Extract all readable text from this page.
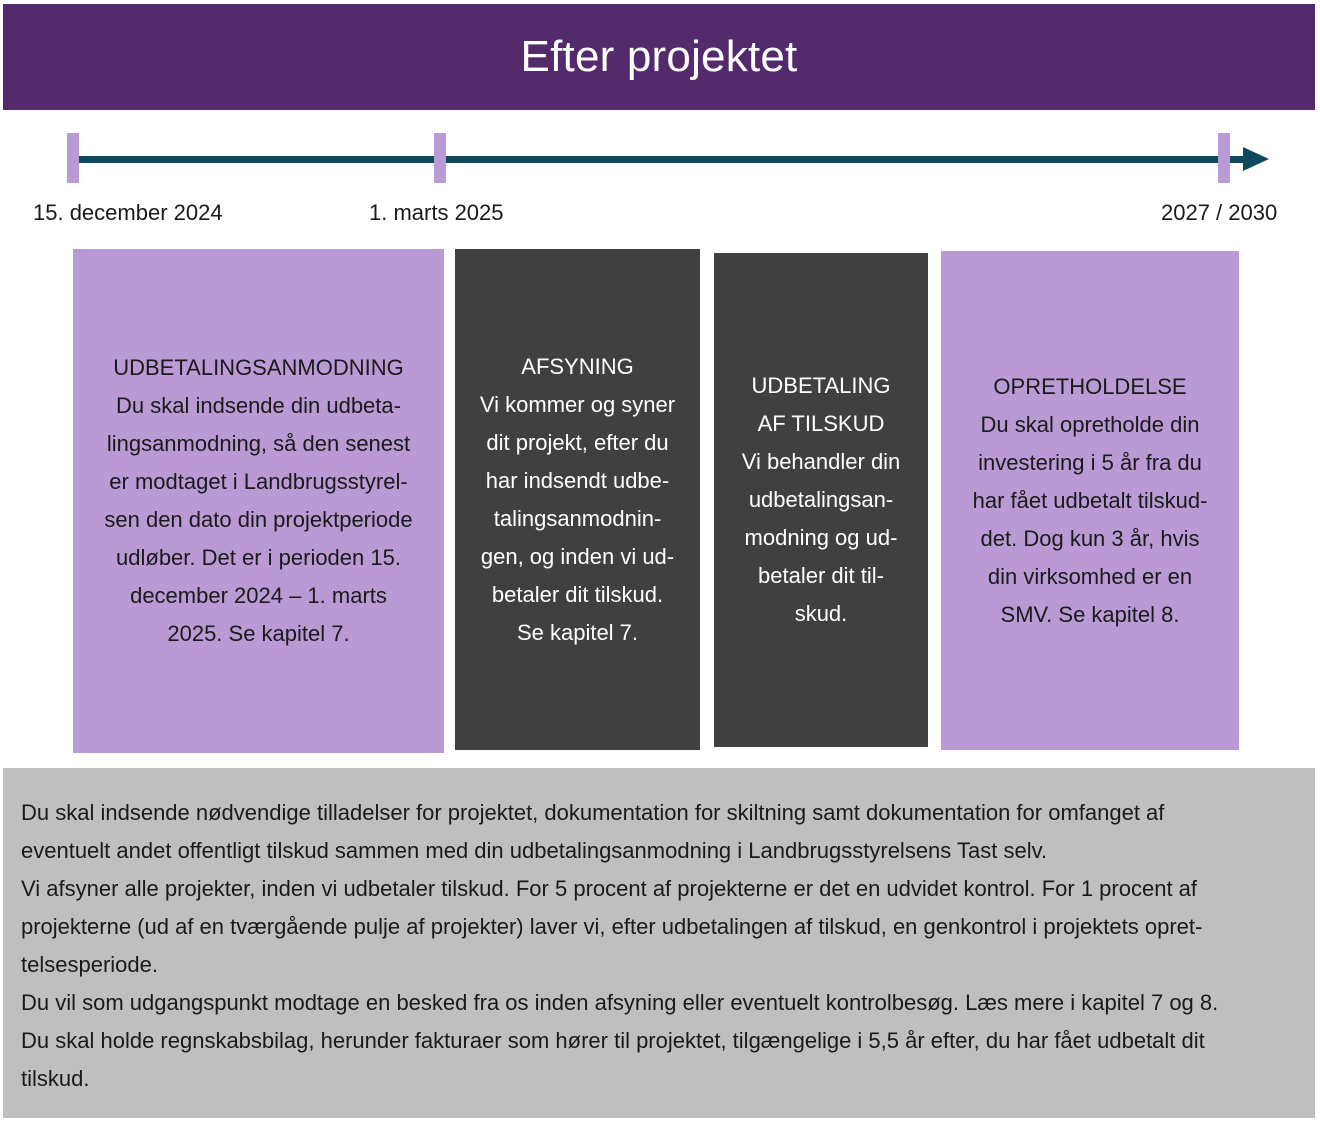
Efter projektet
15. december 2024	1. marts 2025	2027 / 2030
UDBETALINGSANMODNING
Du skal indsende din udbeta-
lingsanmodning, så den senest
er modtaget i Landbrugsstyrel-
sen den dato din projektperiode
udløber. Det er i perioden 15.
december 2024 – 1. marts
2025. Se kapitel 7.
AFSYNING
Vi kommer og syner
dit projekt, efter du
har indsendt udbe-
talingsanmodnin-
gen, og inden vi ud-
betaler dit tilskud.
Se kapitel 7.
UDBETALING
AF TILSKUD
Vi behandler din
udbetalingsan-
modning og ud-
betaler dit til-
skud.
OPRETHOLDELSE
Du skal opretholde din
investering i 5 år fra du
har fået udbetalt tilskud-
det. Dog kun 3 år, hvis
din virksomhed er en
SMV. Se kapitel 8.

Du skal indsende nødvendige tilladelser for projektet, dokumentation for skiltning samt dokumentation for omfanget af
eventuelt andet offentligt tilskud sammen med din udbetalingsanmodning i Landbrugsstyrelsens Tast selv.

Vi afsyner alle projekter, inden vi udbetaler tilskud. For 5 procent af projekterne er det en udvidet kontrol. For 1 procent af
projekterne (ud af en tværgående pulje af projekter) laver vi, efter udbetalingen af tilskud, en genkontrol i projektets opret-
telsesperiode.

Du vil som udgangspunkt modtage en besked fra os inden afsyning eller eventuelt kontrolbesøg. Læs mere i kapitel 7 og 8.

Du skal holde regnskabsbilag, herunder fakturaer som hører til projektet, tilgængelige i 5,5 år efter, du har fået udbetalt dit
tilskud.
